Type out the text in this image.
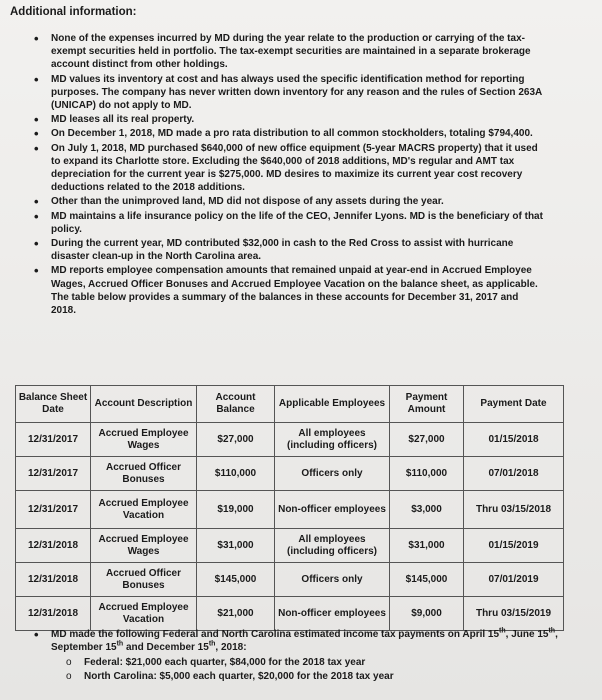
Additional information:
• None of the expenses incurred by MD during the year relate to the production or carrying of the tax-exempt securities held in portfolio. The tax-exempt securities are maintained in a separate brokerage account distinct from other holdings.
• MD values its inventory at cost and has always used the specific identification method for reporting purposes. The company has never written down inventory for any reason and the rules of Section 263A (UNICAP) do not apply to MD.
• MD leases all its real property.
• On December 1, 2018, MD made a pro rata distribution to all common stockholders, totaling $794,400.
• On July 1, 2018, MD purchased $640,000 of new office equipment (5-year MACRS property) that it used to expand its Charlotte store. Excluding the $640,000 of 2018 additions, MD's regular and AMT tax depreciation for the current year is $275,000. MD desires to maximize its current year cost recovery deductions related to the 2018 additions.
• Other than the unimproved land, MD did not dispose of any assets during the year.
• MD maintains a life insurance policy on the life of the CEO, Jennifer Lyons. MD is the beneficiary of that policy.
• During the current year, MD contributed $32,000 in cash to the Red Cross to assist with hurricane disaster clean-up in the North Carolina area.
• MD reports employee compensation amounts that remained unpaid at year-end in Accrued Employee Wages, Accrued Officer Bonuses and Accrued Employee Vacation on the balance sheet, as applicable. The table below provides a summary of the balances in these accounts for December 31, 2017 and 2018.
Balance Sheet Date	Account Description	Account Balance	Applicable Employees	Payment Amount	Payment Date
12/31/2017	Accrued Employee Wages	$27,000	All employees (including officers)	$27,000	01/15/2018
12/31/2017	Accrued Officer Bonuses	$110,000	Officers only	$110,000	07/01/2018
12/31/2017	Accrued Employee Vacation	$19,000	Non-officer employees	$3,000	Thru 03/15/2018
12/31/2018	Accrued Employee Wages	$31,000	All employees (including officers)	$31,000	01/15/2019
12/31/2018	Accrued Officer Bonuses	$145,000	Officers only	$145,000	07/01/2019
12/31/2018	Accrued Employee Vacation	$21,000	Non-officer employees	$9,000	Thru 03/15/2019
• MD made the following Federal and North Carolina estimated income tax payments on April 15th, June 15th, September 15th and December 15th, 2018:
o Federal: $21,000 each quarter, $84,000 for the 2018 tax year
o North Carolina: $5,000 each quarter, $20,000 for the 2018 tax year
